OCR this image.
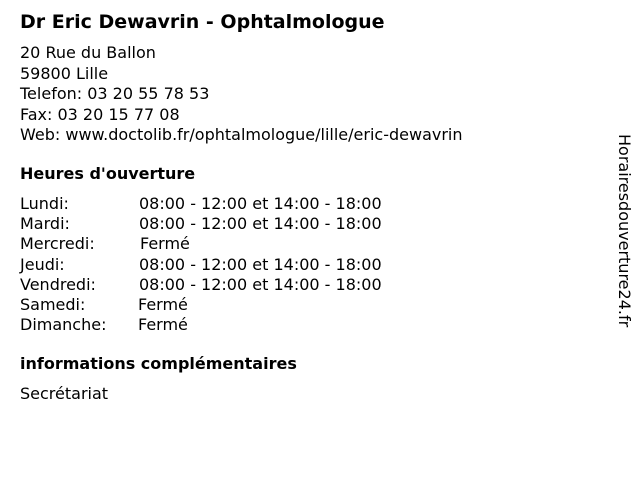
Dr Eric Dewavrin - Ophtalmologue
20 Rue du Ballon
59800 Lille
Telefon: 03 20 55 78 53
Fax: 03 20 15 77 08
Web: www.doctolib.fr/ophtalmologue/lille/eric-dewavrin
Heures d'ouverture
Lundi:	08:00 - 12:00 et 14:00 - 18:00
Mardi:	08:00 - 12:00 et 14:00 - 18:00
Mercredi:	Fermé
Jeudi:	08:00 - 12:00 et 14:00 - 18:00
Vendredi:	08:00 - 12:00 et 14:00 - 18:00
Samedi:	Fermé
Dimanche: Fermé
informations complémentaires
Secrétariat
Horairesdouverture24.fr
